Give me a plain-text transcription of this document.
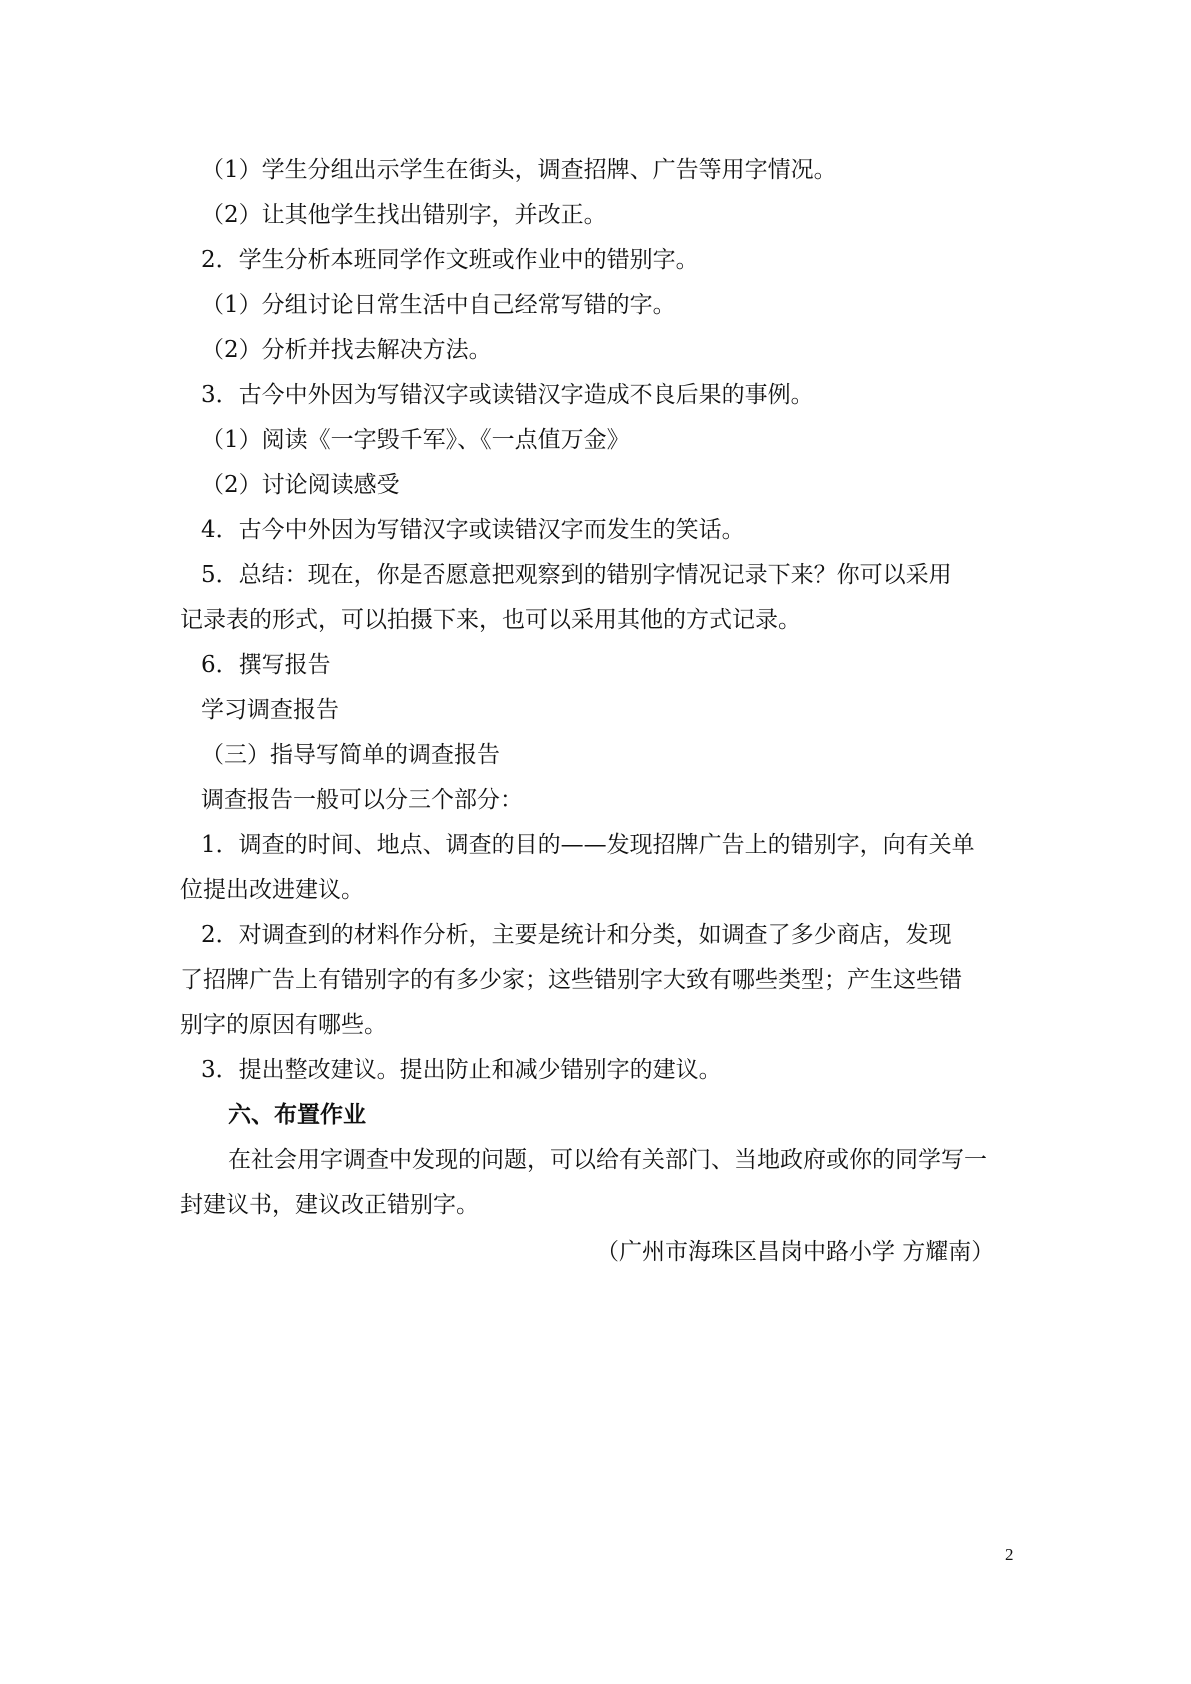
（1）学生分组出示学生在街头，调查招牌、广告等用字情况。
（2）让其他学生找出错别字，并改正。
2．学生分析本班同学作文班或作业中的错别字。
（1）分组讨论日常生活中自己经常写错的字。
（2）分析并找去解决方法。
3．古今中外因为写错汉字或读错汉字造成不良后果的事例。
（1）阅读《一字毁千军》、《一点值万金》
（2）讨论阅读感受
4．古今中外因为写错汉字或读错汉字而发生的笑话。
5．总结：现在，你是否愿意把观察到的错别字情况记录下来？你可以采用
记录表的形式，可以拍摄下来，也可以采用其他的方式记录。
6．撰写报告
学习调查报告
（三）指导写简单的调查报告
调查报告一般可以分三个部分：
1．调查的时间、地点、调查的目的——发现招牌广告上的错别字，向有关单
位提出改进建议。
2．对调查到的材料作分析，主要是统计和分类，如调查了多少商店，发现
了招牌广告上有错别字的有多少家；这些错别字大致有哪些类型；产生这些错
别字的原因有哪些。
3．提出整改建议。提出防止和减少错别字的建议。
六、布置作业
在社会用字调查中发现的问题，可以给有关部门、当地政府或你的同学写一
封建议书，建议改正错别字。
（广州市海珠区昌岗中路小学 方耀南）
2
